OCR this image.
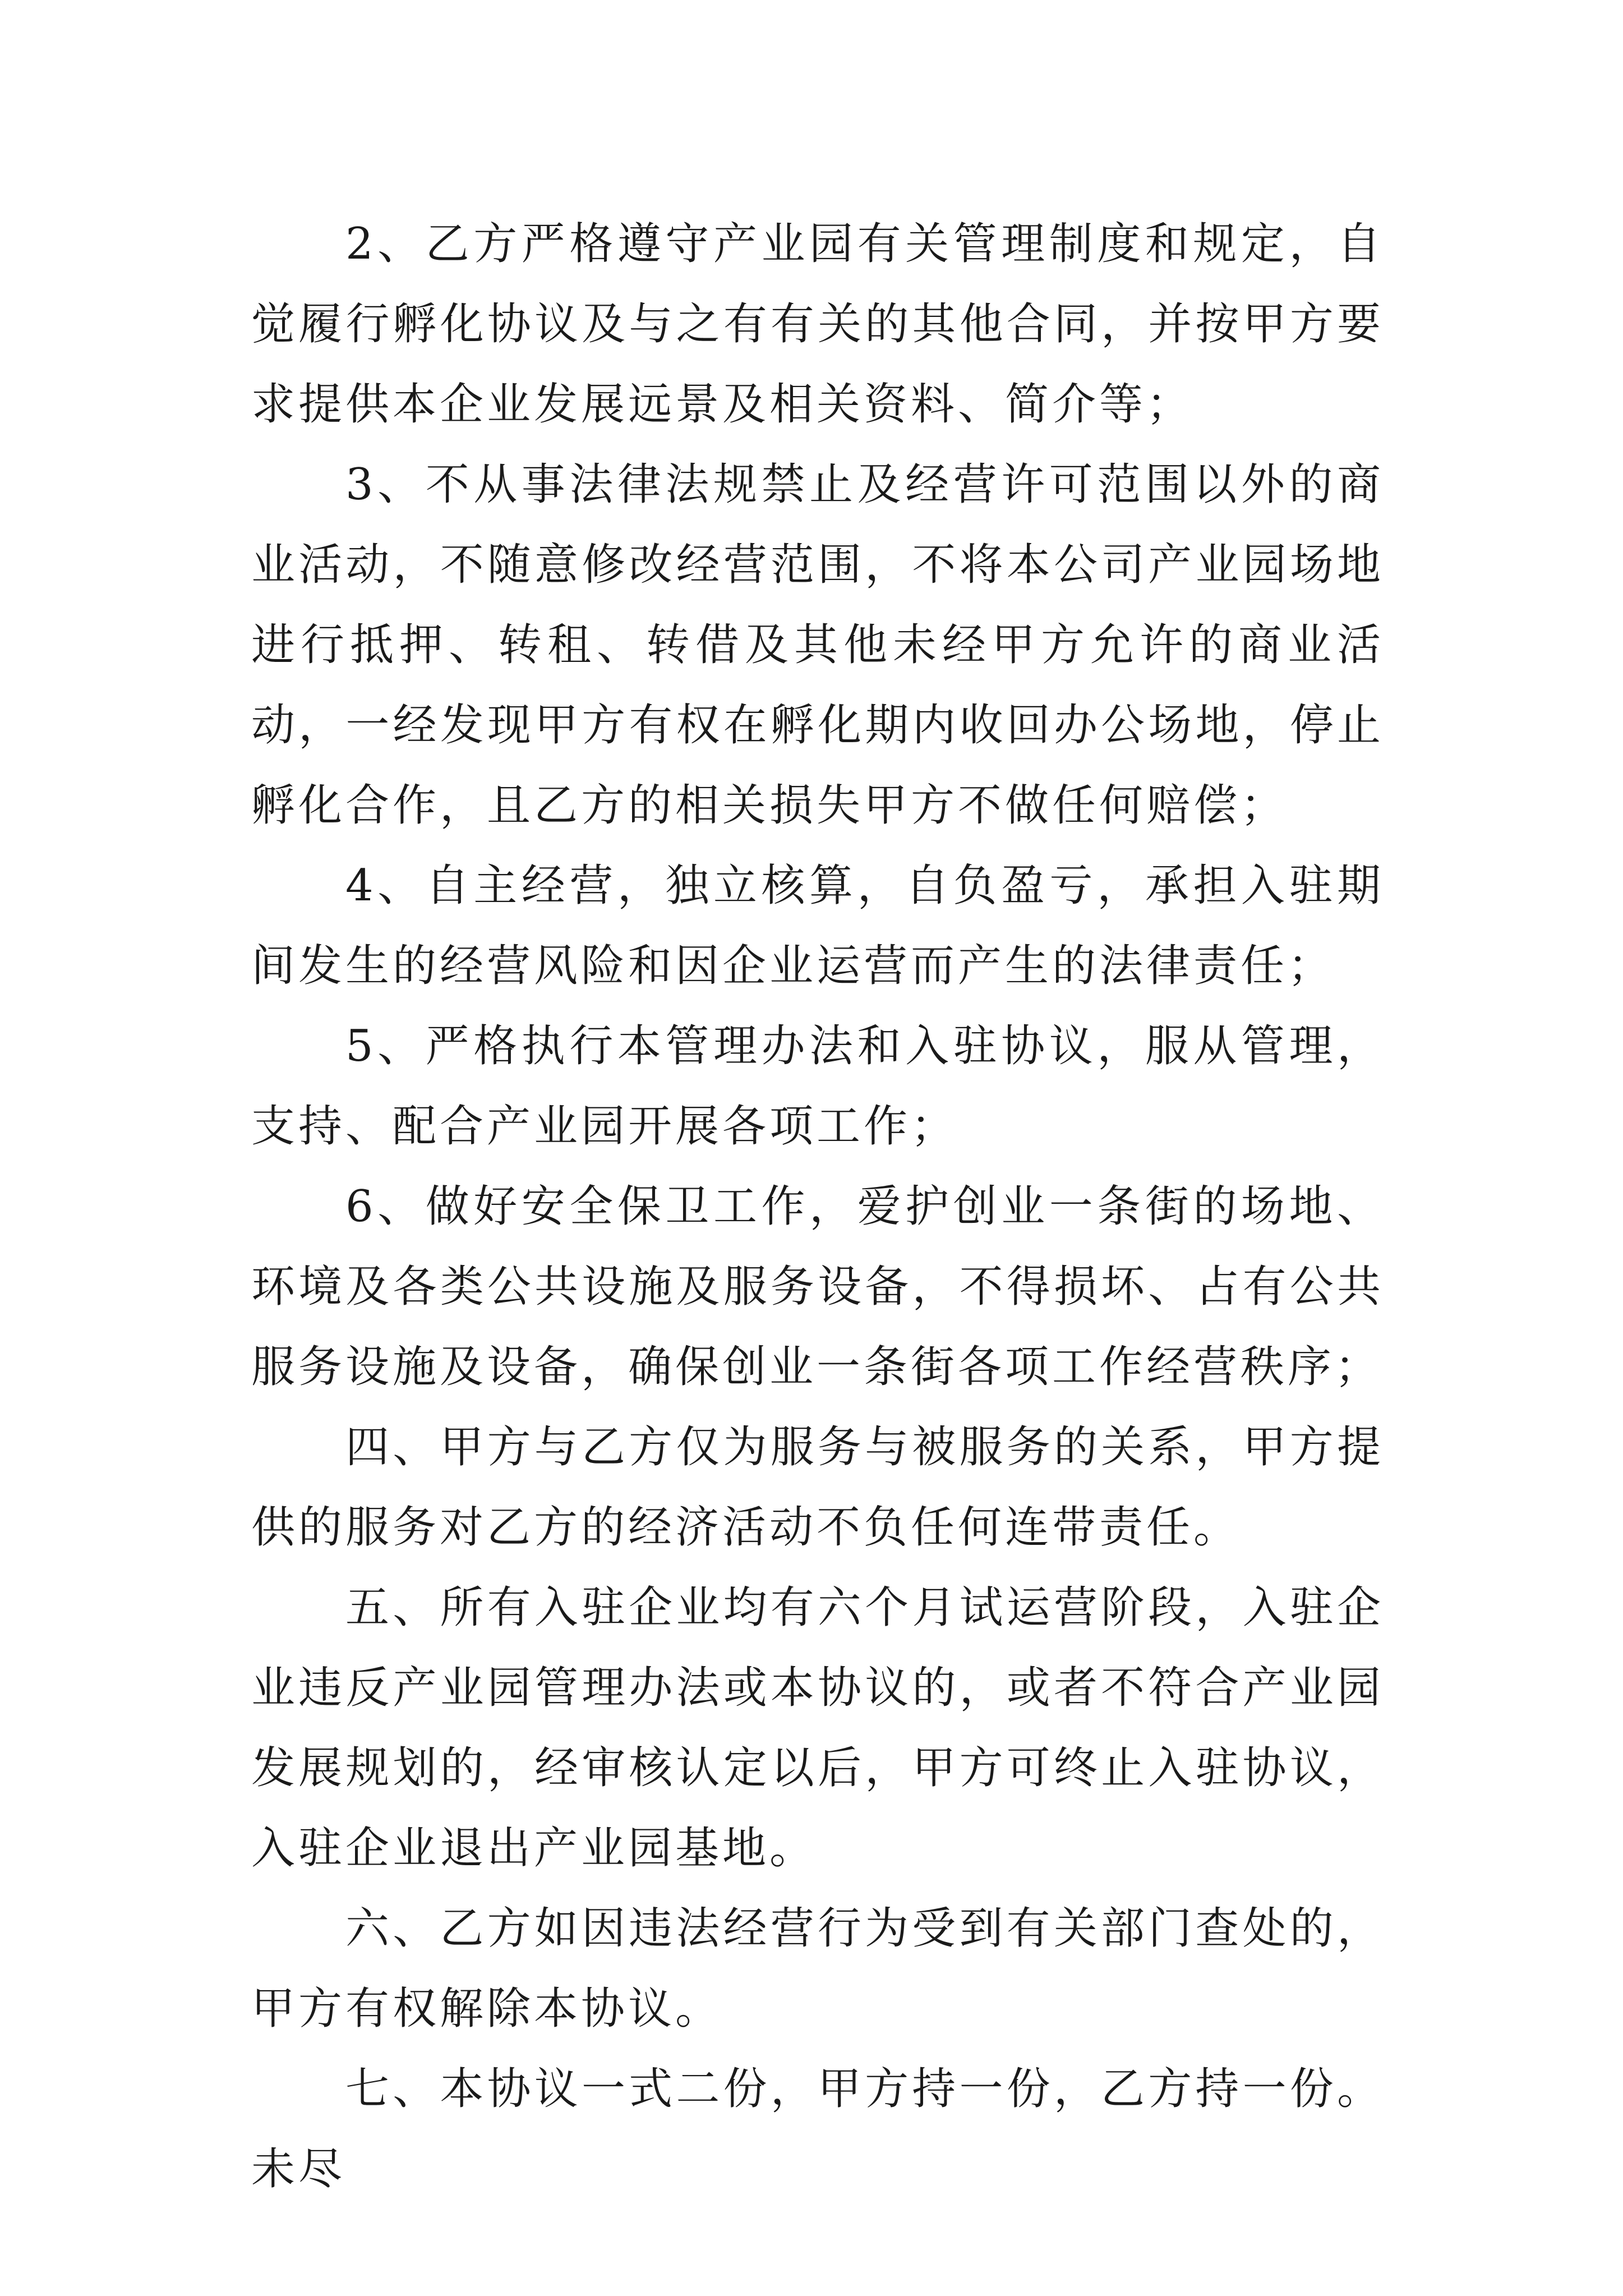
2、乙方严格遵守产业园有关管理制度和规定，自觉履行孵化协议及与之有有关的其他合同，并按甲方要求提供本企业发展远景及相关资料、简介等；

3、不从事法律法规禁止及经营许可范围以外的商业活动，不随意修改经营范围，不将本公司产业园场地进行抵押、转租、转借及其他未经甲方允许的商业活动，一经发现甲方有权在孵化期内收回办公场地，停止孵化合作，且乙方的相关损失甲方不做任何赔偿；

4、自主经营，独立核算，自负盈亏，承担入驻期间发生的经营风险和因企业运营而产生的法律责任；

5、严格执行本管理办法和入驻协议，服从管理，支持、配合产业园开展各项工作；

6、做好安全保卫工作，爱护创业一条街的场地、环境及各类公共设施及服务设备，不得损坏、占有公共服务设施及设备，确保创业一条街各项工作经营秩序；

四、甲方与乙方仅为服务与被服务的关系，甲方提供的服务对乙方的经济活动不负任何连带责任。

五、所有入驻企业均有六个月试运营阶段，入驻企业违反产业园管理办法或本协议的，或者不符合产业园发展规划的，经审核认定以后，甲方可终止入驻协议，入驻企业退出产业园基地。

六、乙方如因违法经营行为受到有关部门查处的，甲方有权解除本协议。

七、本协议一式二份，甲方持一份，乙方持一份。未尽
